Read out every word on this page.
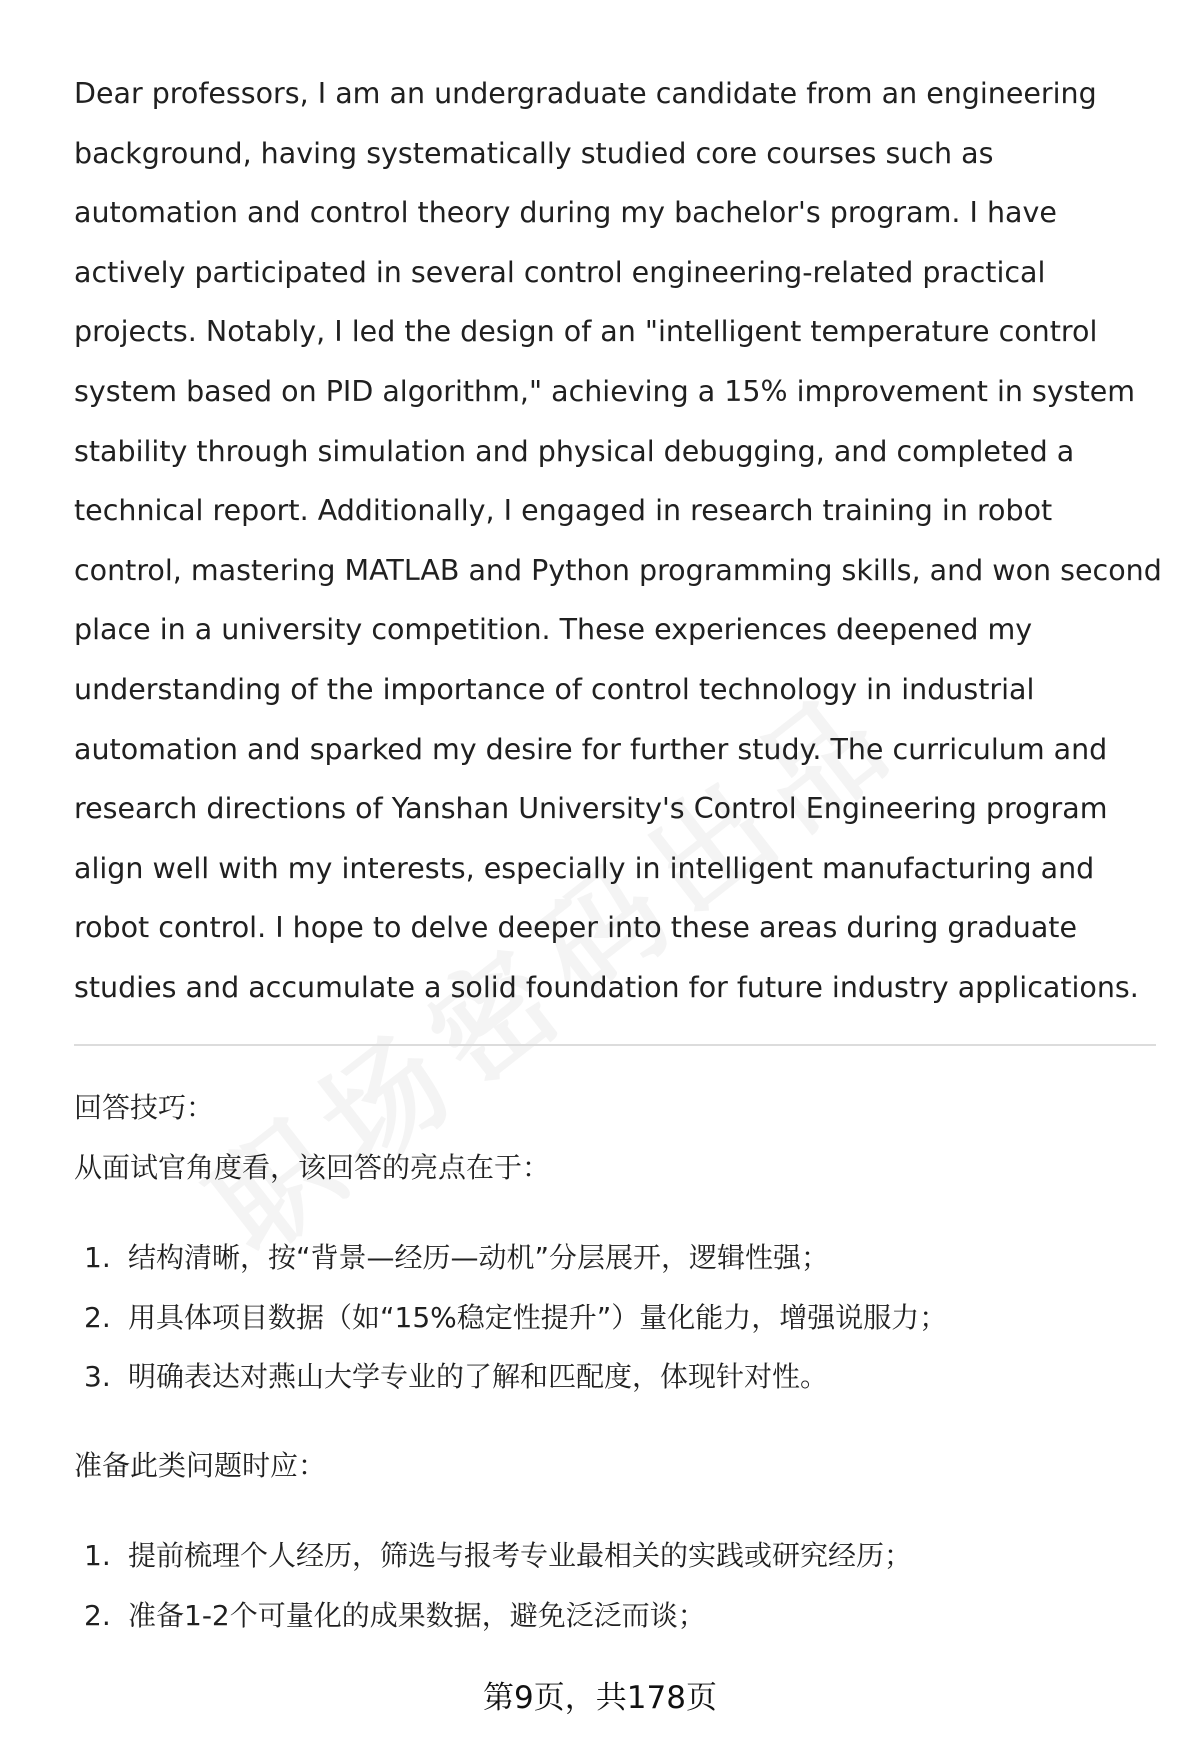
Dear professors, I am an undergraduate candidate from an engineering background, having systematically studied core courses such as automation and control theory during my bachelor's program. I have actively participated in several control engineering-related practical projects. Notably, I led the design of an "intelligent temperature control system based on PID algorithm," achieving a 15% improvement in system stability through simulation and physical debugging, and completed a technical report. Additionally, I engaged in research training in robot control, mastering MATLAB and Python programming skills, and won second place in a university competition. These experiences deepened my understanding of the importance of control technology in industrial automation and sparked my desire for further study. The curriculum and research directions of Yanshan University's Control Engineering program align well with my interests, especially in intelligent manufacturing and robot control. I hope to delve deeper into these areas during graduate studies and accumulate a solid foundation for future industry applications.

回答技巧：

从面试官角度看，该回答的亮点在于：

1. 结构清晰，按“背景—经历—动机”分层展开，逻辑性强；
2. 用具体项目数据（如“15%稳定性提升”）量化能力，增强说服力；
3. 明确表达对燕山大学专业的了解和匹配度，体现针对性。

准备此类问题时应：

1. 提前梳理个人经历，筛选与报考专业最相关的实践或研究经历；
2. 准备1-2个可量化的成果数据，避免泛泛而谈；
第9页，共178页
